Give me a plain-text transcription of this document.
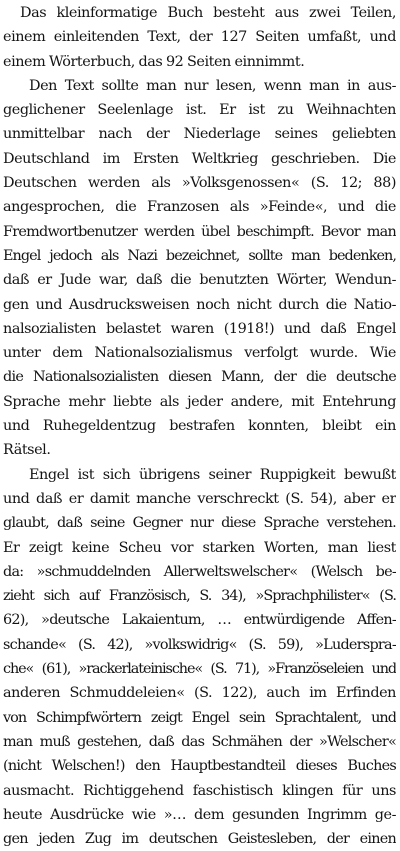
Das kleinformatige Buch besteht aus zwei Teilen,
einem einleitenden Text, der 127 Seiten umfaßt, und
einem Wörterbuch, das 92 Seiten einnimmt.
Den Text sollte man nur lesen, wenn man in aus-
geglichener Seelenlage ist. Er ist zu Weihnachten
unmittelbar nach der Niederlage seines geliebten
Deutschland im Ersten Weltkrieg geschrieben. Die
Deutschen werden als »Volksgenossen« (S. 12; 88)
angesprochen, die Franzosen als »Feinde«, und die
Fremdwortbenutzer werden übel beschimpft. Bevor man
Engel jedoch als Nazi bezeichnet, sollte man bedenken,
daß er Jude war, daß die benutzten Wörter, Wendun-
gen und Ausdrucksweisen noch nicht durch die Natio-
nalsozialisten belastet waren (1918!) und daß Engel
unter dem Nationalsozialismus verfolgt wurde. Wie
die Nationalsozialisten diesen Mann, der die deutsche
Sprache mehr liebte als jeder andere, mit Entehrung
und Ruhegeldentzug bestrafen konnten, bleibt ein
Rätsel.
Engel ist sich übrigens seiner Ruppigkeit bewußt
und daß er damit manche verschreckt (S. 54), aber er
glaubt, daß seine Gegner nur diese Sprache verstehen.
Er zeigt keine Scheu vor starken Worten, man liest
da: »schmuddelnden Allerweltswelscher« (Welsch be-
zieht sich auf Französisch, S. 34), »Sprachphilister« (S.
62), »deutsche Lakaientum, … entwürdigende Affen-
schande« (S. 42), »volkswidrig« (S. 59), »Ludersprа-
che« (61), »rackerlateinische« (S. 71), »Französeleien und
anderen Schmuddeleien« (S. 122), auch im Erfinden
von Schimpfwörtern zeigt Engel sein Sprachtalent, und
man muß gestehen, daß das Schmähen der »Welscher«
(nicht Welschen!) den Hauptbestandteil dieses Buches
ausmacht. Richtiggehend faschistisch klingen für uns
heute Ausdrücke wie »… dem gesunden Ingrimm ge-
gen jeden Zug im deutschen Geistesleben, der einen
